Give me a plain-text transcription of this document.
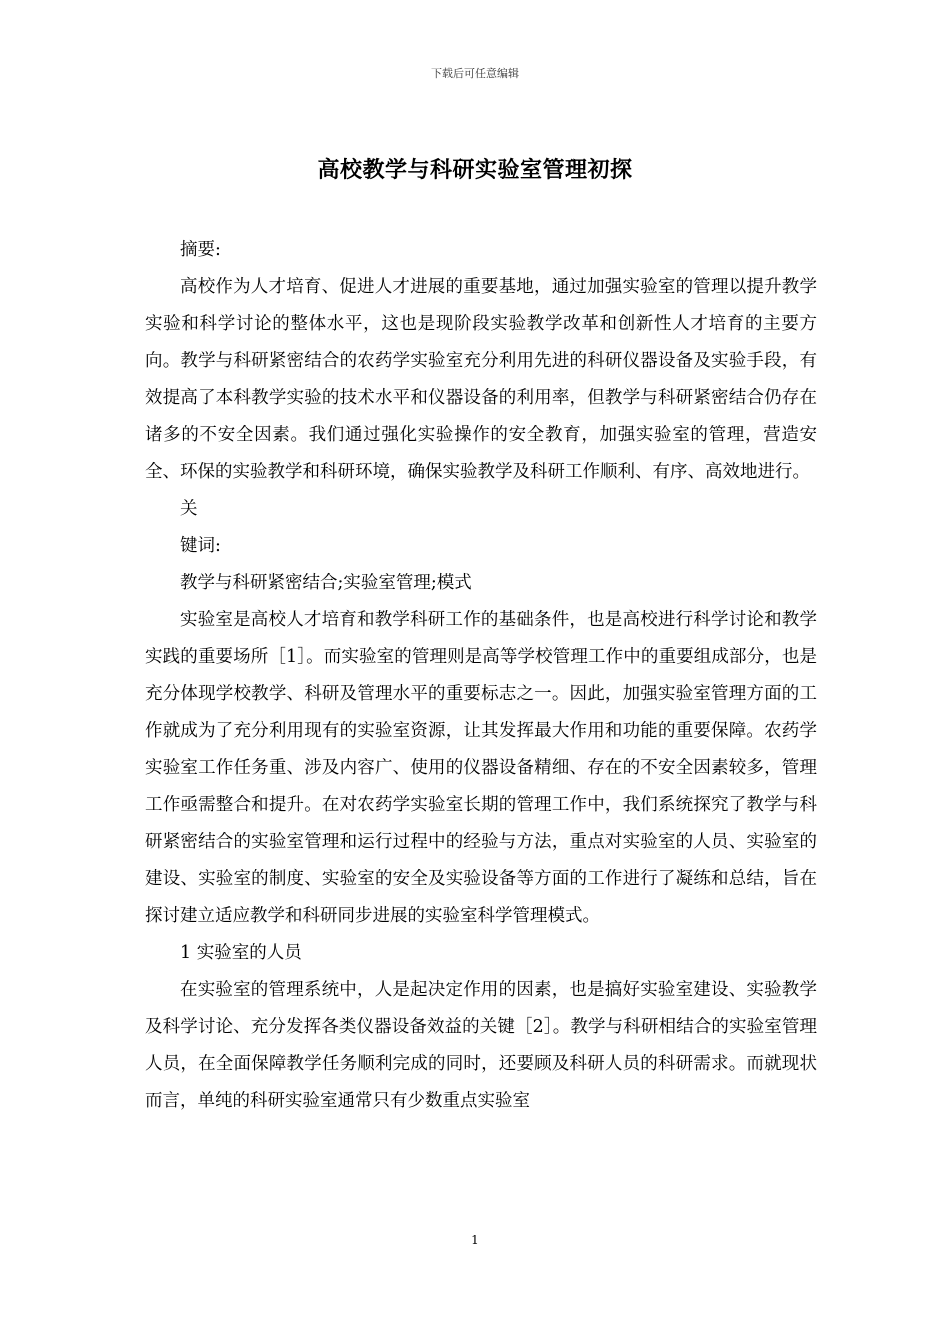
下载后可任意编辑
高校教学与科研实验室管理初探

摘要:

高校作为人才培育、促进人才进展的重要基地，通过加强实验室的管理以提升教学实验和科学讨论的整体水平，这也是现阶段实验教学改革和创新性人才培育的主要方向。教学与科研紧密结合的农药学实验室充分利用先进的科研仪器设备及实验手段，有效提高了本科教学实验的技术水平和仪器设备的利用率，但教学与科研紧密结合仍存在诸多的不安全因素。我们通过强化实验操作的安全教育，加强实验室的管理，营造安全、环保的实验教学和科研环境，确保实验教学及科研工作顺利、有序、高效地进行。

关

键词:

教学与科研紧密结合;实验室管理;模式

实验室是高校人才培育和教学科研工作的基础条件，也是高校进行科学讨论和教学实践的重要场所［1］。而实验室的管理则是高等学校管理工作中的重要组成部分，也是充分体现学校教学、科研及管理水平的重要标志之一。因此，加强实验室管理方面的工作就成为了充分利用现有的实验室资源，让其发挥最大作用和功能的重要保障。农药学实验室工作任务重、涉及内容广、使用的仪器设备精细、存在的不安全因素较多，管理工作亟需整合和提升。在对农药学实验室长期的管理工作中，我们系统探究了教学与科研紧密结合的实验室管理和运行过程中的经验与方法，重点对实验室的人员、实验室的建设、实验室的制度、实验室的安全及实验设备等方面的工作进行了凝练和总结，旨在探讨建立适应教学和科研同步进展的实验室科学管理模式。

1 实验室的人员

在实验室的管理系统中，人是起决定作用的因素，也是搞好实验室建设、实验教学及科学讨论、充分发挥各类仪器设备效益的关键［2］。教学与科研相结合的实验室管理人员，在全面保障教学任务顺利完成的同时，还要顾及科研人员的科研需求。而就现状而言，单纯的科研实验室通常只有少数重点实验室

1
